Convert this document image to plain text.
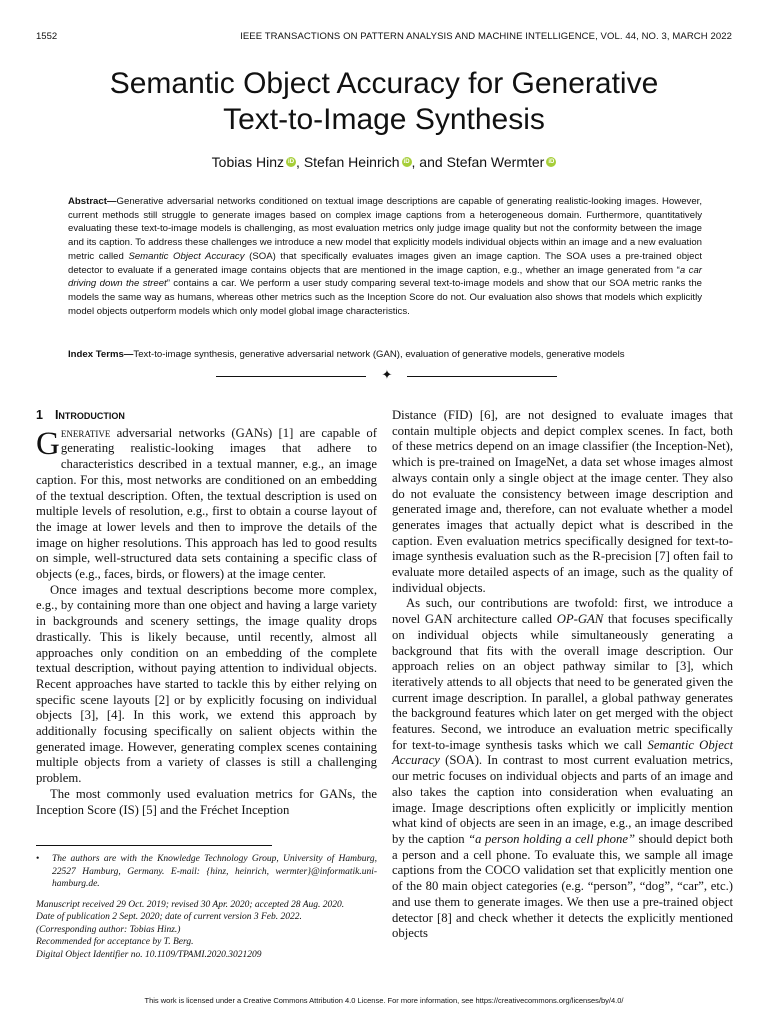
1552	IEEE TRANSACTIONS ON PATTERN ANALYSIS AND MACHINE INTELLIGENCE, VOL. 44, NO. 3, MARCH 2022
Semantic Object Accuracy for Generative
Text-to-Image Synthesis
Tobias Hinz iD , Stefan Heinrich iD , and Stefan Wermter iD
Abstract—Generative adversarial networks conditioned on textual image descriptions are capable of generating realistic-looking images. However, current methods still struggle to generate images based on complex image captions from a heterogeneous domain. Furthermore, quantitatively evaluating these text-to-image models is challenging, as most evaluation metrics only judge image quality but not the conformity between the image and its caption. To address these challenges we introduce a new model that explicitly models individual objects within an image and a new evaluation metric called Semantic Object Accuracy (SOA) that specifically evaluates images given an image caption. The SOA uses a pre-trained object detector to evaluate if a generated image contains objects that are mentioned in the image caption, e.g., whether an image generated from “a car driving down the street” contains a car. We perform a user study comparing several text-to-image models and show that our SOA metric ranks the models the same way as humans, whereas other metrics such as the Inception Score do not. Our evaluation also shows that models which explicitly model objects outperform models which only model global image characteristics.
Index Terms—Text-to-image synthesis, generative adversarial network (GAN), evaluation of generative models, generative models
✦
1 Introduction

Generative adversarial networks (GANs) [1] are capable of generating realistic-looking images that adhere to characteristics described in a textual manner, e.g., an image caption. For this, most networks are conditioned on an embedding of the textual description. Often, the textual description is used on multiple levels of resolution, e.g., first to obtain a course layout of the image at lower levels and then to improve the details of the image on higher resolutions. This approach has led to good results on simple, well-structured data sets containing a specific class of objects (e.g., faces, birds, or flowers) at the image center.

Once images and textual descriptions become more complex, e.g., by containing more than one object and having a large variety in backgrounds and scenery settings, the image quality drops drastically. This is likely because, until recently, almost all approaches only condition on an embedding of the complete textual description, without paying attention to individual objects. Recent approaches have started to tackle this by either relying on specific scene layouts [2] or by explicitly focusing on individual objects [3], [4]. In this work, we extend this approach by additionally focusing specifically on salient objects within the generated image. However, generating complex scenes containing multiple objects from a variety of classes is still a challenging problem.

The most commonly used evaluation metrics for GANs, the Inception Score (IS) [5] and the Fréchet Inception

Distance (FID) [6], are not designed to evaluate images that contain multiple objects and depict complex scenes. In fact, both of these metrics depend on an image classifier (the Inception-Net), which is pre-trained on ImageNet, a data set whose images almost always contain only a single object at the image center. They also do not evaluate the consistency between image description and generated image and, therefore, can not evaluate whether a model generates images that actually depict what is described in the caption. Even evaluation metrics specifically designed for text-to-image synthesis evaluation such as the R-precision [7] often fail to evaluate more detailed aspects of an image, such as the quality of individual objects.

As such, our contributions are twofold: first, we introduce a novel GAN architecture called OP-GAN that focuses specifically on individual objects while simultaneously generating a background that fits with the overall image description. Our approach relies on an object pathway similar to [3], which iteratively attends to all objects that need to be generated given the current image description. In parallel, a global pathway generates the background features which later on get merged with the object features. Second, we introduce an evaluation metric specifically for text-to-image synthesis tasks which we call Semantic Object Accuracy (SOA). In contrast to most current evaluation metrics, our metric focuses on individual objects and parts of an image and also takes the caption into consideration when evaluating an image. Image descriptions often explicitly or implicitly mention what kind of objects are seen in an image, e.g., an image described by the caption “a person holding a cell phone” should depict both a person and a cell phone. To evaluate this, we sample all image captions from the COCO validation set that explicitly mention one of the 80 main object categories (e.g. “person”, “dog”, “car”, etc.) and use them to generate images. We then use a pre-trained object detector [8] and check whether it detects the explicitly mentioned objects

•	The authors are with the Knowledge Technology Group, University of Hamburg, 22527 Hamburg, Germany. E-mail: {hinz, heinrich, wermter}@informatik.uni-hamburg.de.
Manuscript received 29 Oct. 2019; revised 30 Apr. 2020; accepted 28 Aug. 2020.
Date of publication 2 Sept. 2020; date of current version 3 Feb. 2022.
(Corresponding author: Tobias Hinz.)
Recommended for acceptance by T. Berg.
Digital Object Identifier no. 10.1109/TPAMI.2020.3021209
This work is licensed under a Creative Commons Attribution 4.0 License. For more information, see https://creativecommons.org/licenses/by/4.0/
